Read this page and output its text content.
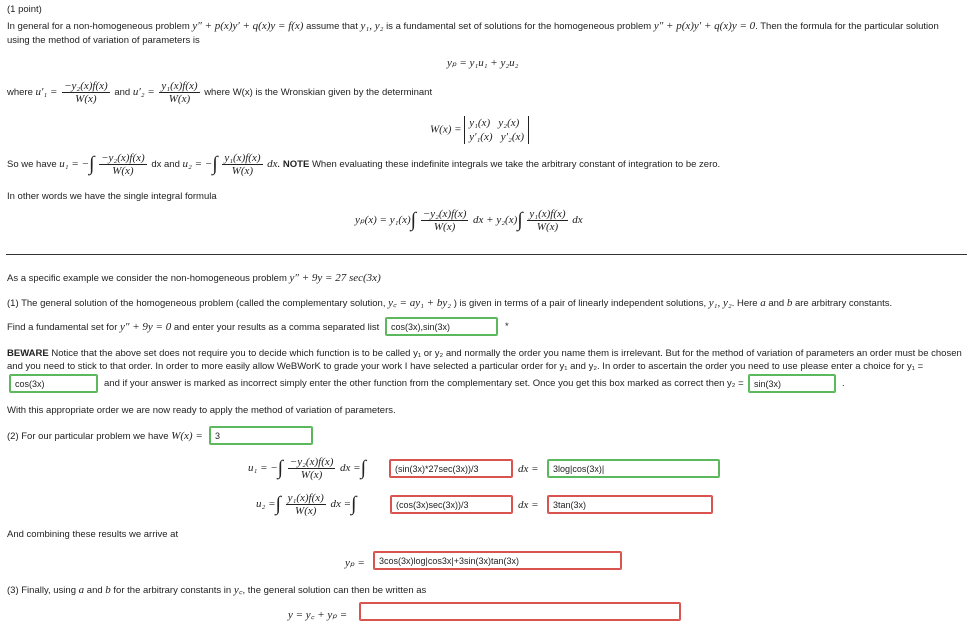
(1 point)
In general for a non-homogeneous problem y″ + p(x)y′ + q(x)y = f(x) assume that y₁, y₂ is a fundamental set of solutions for the homogeneous problem y″ + p(x)y′ + q(x)y = 0. Then the formula for the particular solution
using the method of variation of parameters is
yₚ = y₁u₁ + y₂u₂
where $u'_1 = \frac{\text{−y₂(x)f(x)}}{W(x)}$ and $u'_2 = \frac{\text{y₁(x)f(x)}}{W(x)}$ where W(x) is the Wronskian given by the determinant
W(x) = y₁(x) y₂(x)
y′₁(x) y′₂(x)
So we have u₁ = −∫ $\frac{\text{−y₂(x)f(x)}}{W(x)}$ dx and u₂ = −∫ $\frac{\text{y₁(x)f(x)}}{W(x)}$ dx. NOTE When evaluating these indefinite integrals we take the arbitrary constant of integration to be zero.
In other words we have the single integral formula
$y_p(x) = y_1(x)\int \frac{\text{−y₂(x)f(x)}}{W(x)}$ dx + $y_2(x)\int \frac{\text{y₁(x)f(x)}}{W(x)}$ dx
As a specific example we consider the non-homogeneous problem y″ + 9y = 27 sec(3x)
(1) The general solution of the homogeneous problem (called the complementary solution, y꜀ = ay₁ + by₂ ) is given in terms of a pair of linearly independent solutions, y₁, y₂. Here a and b are arbitrary constants.
Find a fundamental set for y″ + 9y = 0 and enter your results as a comma separated list	cos(3x),sin(3x)	*
BEWARE Notice that the above set does not require you to decide which function is to be called y₁ or y₂ and normally the order you name them is irrelevant. But for the method of variation of parameters an order must be chosen
and you need to stick to that order. In order to more easily allow WeBWorK to grade your work I have selected a particular order for y₁ and y₂. In order to ascertain the order you need to use please enter a choice for y₁ =
cos(3x)	and if your answer is marked as incorrect simply enter the other function from the complementary set. Once you get this box marked as correct then y₂ =	sin(3x)	.
With this appropriate order we are now ready to apply the method of variation of parameters.
(2) For our particular problem we have W(x) =	3
u₁ = −∫ $\frac{\text{−y₂(x)f(x)}}{W(x)}$ dx =∫	(sin(3x)*27sec(3x))/3	dx =	3log|cos(3x)|
u₂ =∫ $\frac{\text{y₁(x)f(x)}}{W(x)}$ dx =∫	(cos(3x)sec(3x))/3	dx =	3tan(3x)
And combining these results we arrive at
yₚ =	3cos(3x)log|cos3x|+3sin(3x)tan(3x)
(3) Finally, using a and b for the arbitrary constants in y꜀, the general solution can then be written as
y = y꜀ + yₚ =
